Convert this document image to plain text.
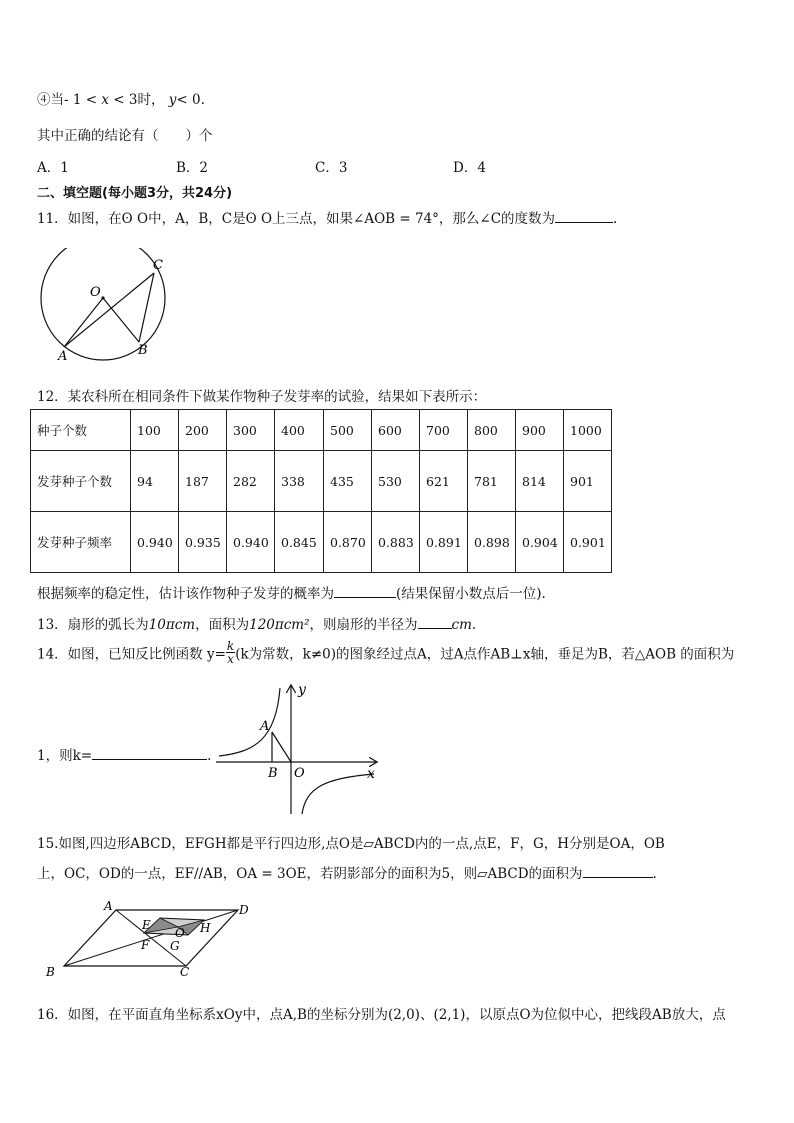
④当- 1 < x < 3时， y< 0.
其中正确的结论有（　　）个
A．1	B．2	C．3	D．4
二、填空题(每小题3分，共24分)
11．如图，在ʘ O中，A，B，C是ʘ O上三点，如果∠AOB = 74°，那么∠C的度数为	.
O
C
A	B
12．某农科所在相同条件下做某作物种子发芽率的试验，结果如下表所示：
种子个数	100	200	300	400	500	600	700	800	900	1000
发芽种子个数	94	187	282	338	435	530	621	781	814	901
发芽种子频率	0.940	0.935	0.940	0.845	0.870	0.883	0.891	0.898	0.904	0.901
根据频率的稳定性，估计该作物种子发芽的概率为	(结果保留小数点后一位).
13．扇形的弧长为10πcm，面积为120πcm²，则扇形的半径为	cm.
14．如图，已知反比例函数 $y= \frac{k}{x} (k$为常数，k≠0)的图象经过点A，过A点作AB⊥x轴，垂足为B，若△AOB 的面积为
1，则k=	.
y
A
B O	x
15.如图,四边形ABCD，EFGH都是平行四边形,点O是▱ABCD内的一点,点E，F，G，H分别是OA，OB
上，OC，OD的一点，EF//AB，OA = 3OE，若阴影部分的面积为5，则▱ABCD的面积为	.
A	D
E
O H
F G
B	C
16．如图，在平面直角坐标系xOy中，点A,B的坐标分别为(2,0)、(2,1)，以原点O为位似中心，把线段AB放大，点
